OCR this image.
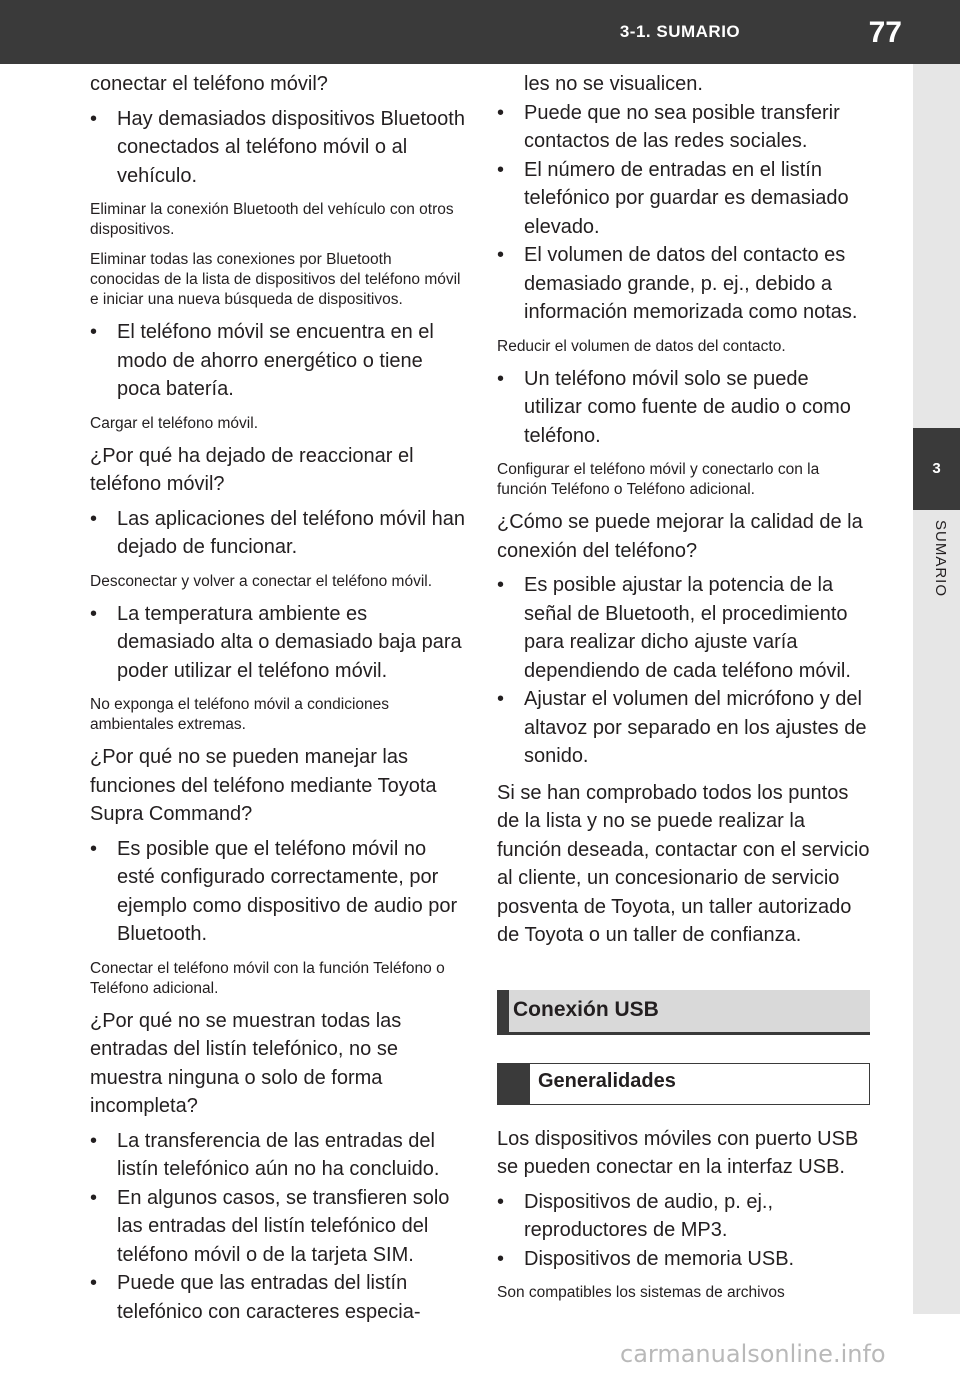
3-1. SUMARIO	77
3
SUMARIO

conectar el teléfono móvil?

• Hay demasiados dispositivos Bluetooth conectados al teléfono móvil o al vehículo.

Eliminar la conexión Bluetooth del vehículo con otros dispositivos.

Eliminar todas las conexiones por Bluetooth conocidas de la lista de dispositivos del teléfono móvil e iniciar una nueva búsqueda de dispositivos.

• El teléfono móvil se encuentra en el modo de ahorro energético o tiene poca batería.

Cargar el teléfono móvil.

¿Por qué ha dejado de reaccionar el teléfono móvil?

• Las aplicaciones del teléfono móvil han dejado de funcionar.

Desconectar y volver a conectar el teléfono móvil.

• La temperatura ambiente es demasiado alta o demasiado baja para poder utilizar el teléfono móvil.

No exponga el teléfono móvil a condiciones ambientales extremas.

¿Por qué no se pueden manejar las funciones del teléfono mediante Toyota Supra Command?

• Es posible que el teléfono móvil no esté configurado correctamente, por ejemplo como dispositivo de audio por Bluetooth.

Conectar el teléfono móvil con la función Teléfono o Teléfono adicional.

¿Por qué no se muestran todas las entradas del listín telefónico, no se muestra ninguna o solo de forma incompleta?

• La transferencia de las entradas del listín telefónico aún no ha concluido.

• En algunos casos, se transfieren solo las entradas del listín telefónico del teléfono móvil o de la tarjeta SIM.

• Puede que las entradas del listín telefónico con caracteres especia-

les no se visualicen.

• Puede que no sea posible transferir contactos de las redes sociales.

• El número de entradas en el listín telefónico por guardar es demasiado elevado.

• El volumen de datos del contacto es demasiado grande, p. ej., debido a información memorizada como notas.

Reducir el volumen de datos del contacto.

• Un teléfono móvil solo se puede utilizar como fuente de audio o como teléfono.

Configurar el teléfono móvil y conectarlo con la función Teléfono o Teléfono adicional.

¿Cómo se puede mejorar la calidad de la conexión del teléfono?

• Es posible ajustar la potencia de la señal de Bluetooth, el procedimiento para realizar dicho ajuste varía dependiendo de cada teléfono móvil.

• Ajustar el volumen del micrófono y del altavoz por separado en los ajustes de sonido.

Si se han comprobado todos los puntos de la lista y no se puede realizar la función deseada, contactar con el servicio al cliente, un concesionario de servicio posventa de Toyota, un taller autorizado de Toyota o un taller de confianza.

Conexión USB
Generalidades

Los dispositivos móviles con puerto USB se pueden conectar en la interfaz USB.

• Dispositivos de audio, p. ej., reproductores de MP3.

• Dispositivos de memoria USB.

Son compatibles los sistemas de archivos

carmanualsonline.info
